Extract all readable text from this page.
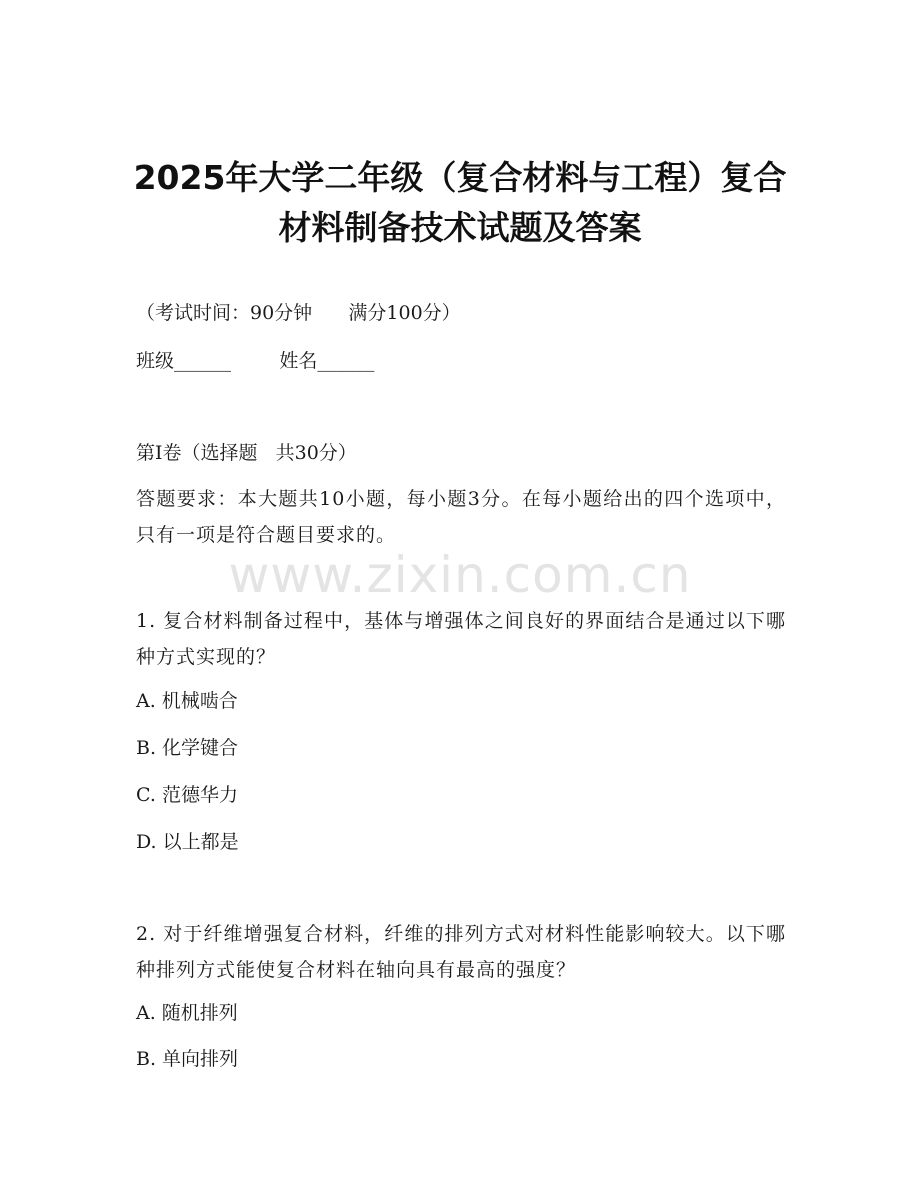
www.zixin.com.cn
2025年大学二年级（复合材料与工程）复合
材料制备技术试题及答案
（考试时间：90分钟      满分100分）
班级______        姓名______
第I卷（选择题   共30分）
答题要求：本大题共10小题，每小题3分。在每小题给出的四个选项中，只有一项是符合题目要求的。
1. 复合材料制备过程中，基体与增强体之间良好的界面结合是通过以下哪种方式实现的？
A. 机械啮合
B. 化学键合
C. 范德华力
D. 以上都是
2. 对于纤维增强复合材料，纤维的排列方式对材料性能影响较大。以下哪种排列方式能使复合材料在轴向具有最高的强度？
A. 随机排列
B. 单向排列
